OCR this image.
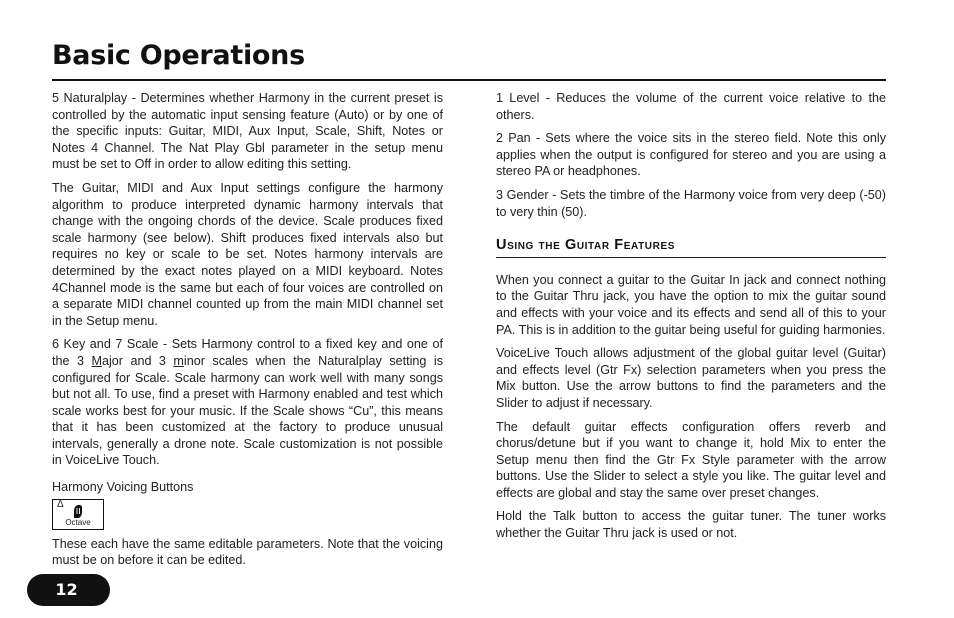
Basic Operations

5 Naturalplay - Determines whether Harmony in the current preset is controlled by the automatic input sensing feature (Auto) or by one of the specific inputs: Guitar, MIDI, Aux Input, Scale, Shift, Notes or Notes 4 Channel. The Nat Play Gbl parameter in the setup menu must be set to Off in order to allow editing this setting.

The Guitar, MIDI and Aux Input settings configure the harmony algorithm to produce interpreted dynamic harmony intervals that change with the ongoing chords of the device. Scale produces fixed scale harmony (see below). Shift produces fixed intervals also but requires no key or scale to be set. Notes harmony intervals are determined by the exact notes played on a MIDI keyboard. Notes 4Channel mode is the same but each of four voices are controlled on a separate MIDI channel counted up from the main MIDI channel set in the Setup menu.

6 Key and 7 Scale - Sets Harmony control to a fixed key and one of the 3 Major and 3 minor scales when the Naturalplay setting is configured for Scale. Scale harmony can work well with many songs but not all. To use, find a preset with Harmony enabled and test which scale works best for your music. If the Scale shows “Cu”, this means that it has been customized at the factory to produce unusual intervals, generally a drone note. Scale customization is not possible in VoiceLive Touch.

Harmony Voicing Buttons
Δ
Octave

These each have the same editable parameters. Note that the voicing must be on before it can be edited.

1 Level - Reduces the volume of the current voice relative to the others.

2 Pan - Sets where the voice sits in the stereo field. Note this only applies when the output is configured for stereo and you are using a stereo PA or headphones.

3 Gender - Sets the timbre of the Harmony voice from very deep (-50) to very thin (50).

Using the Guitar Features

When you connect a guitar to the Guitar In jack and connect nothing to the Guitar Thru jack, you have the option to mix the guitar sound and effects with your voice and its effects and send all of this to your PA. This is in addition to the guitar being useful for guiding harmonies.

VoiceLive Touch allows adjustment of the global guitar level (Guitar) and effects level (Gtr Fx) selection parameters when you press the Mix button. Use the arrow buttons to find the parameters and the Slider to adjust if necessary.

The default guitar effects configuration offers reverb and chorus/detune but if you want to change it, hold Mix to enter the Setup menu then find the Gtr Fx Style parameter with the arrow buttons. Use the Slider to select a style you like. The guitar level and effects are global and stay the same over preset changes.

Hold the Talk button to access the guitar tuner. The tuner works whether the Guitar Thru jack is used or not.

12
